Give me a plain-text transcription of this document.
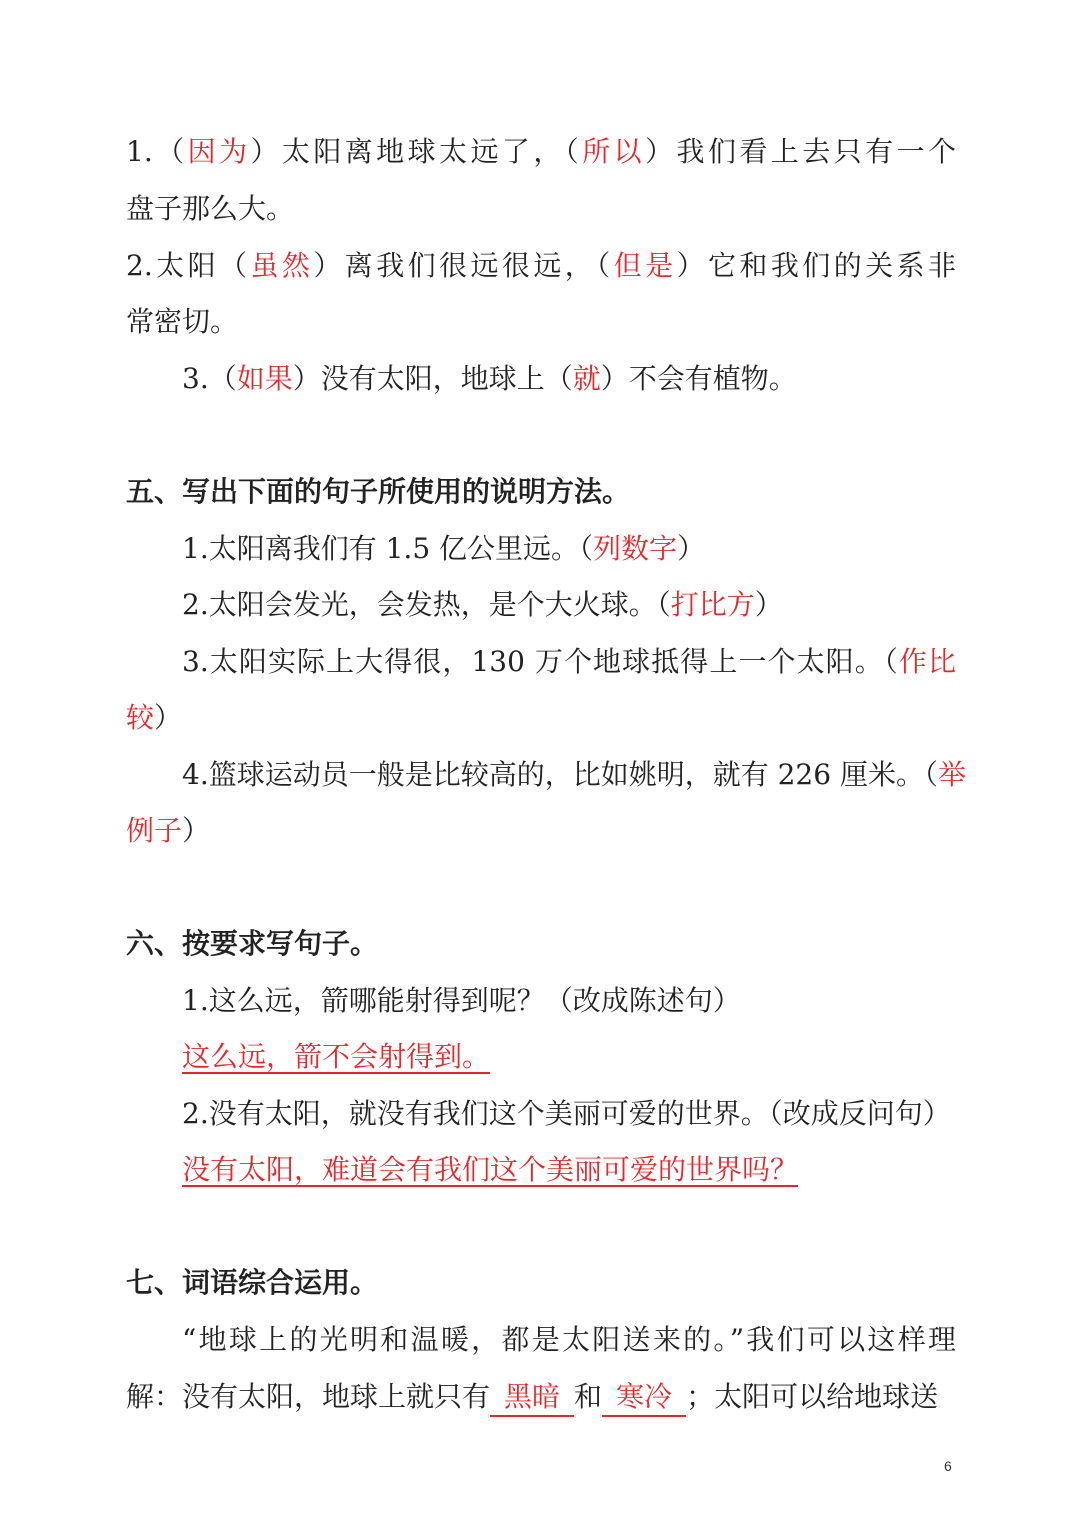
1.（因为）太阳离地球太远了，（所以）我们看上去只有一个
盘子那么大。
2.太阳（虽然）离我们很远很远，（但是）它和我们的关系非
常密切。
3.（如果）没有太阳，地球上（就）不会有植物。
五、写出下面的句子所使用的说明方法。
1.太阳离我们有 1.5 亿公里远。（列数字）
2.太阳会发光，会发热，是个大火球。（打比方）
3.太阳实际上大得很，130 万个地球抵得上一个太阳。（作比
较）
4.篮球运动员一般是比较高的，比如姚明，就有 226 厘米。（举
例子）
六、按要求写句子。
1.这么远，箭哪能射得到呢？（改成陈述句）
这么远，箭不会射得到。
2.没有太阳，就没有我们这个美丽可爱的世界。（改成反问句）
没有太阳，难道会有我们这个美丽可爱的世界吗？
七、词语综合运用。
“地球上的光明和温暖，都是太阳送来的。”我们可以这样理
解：没有太阳，地球上就只有 黑暗 和 寒冷 ；太阳可以给地球送
6
